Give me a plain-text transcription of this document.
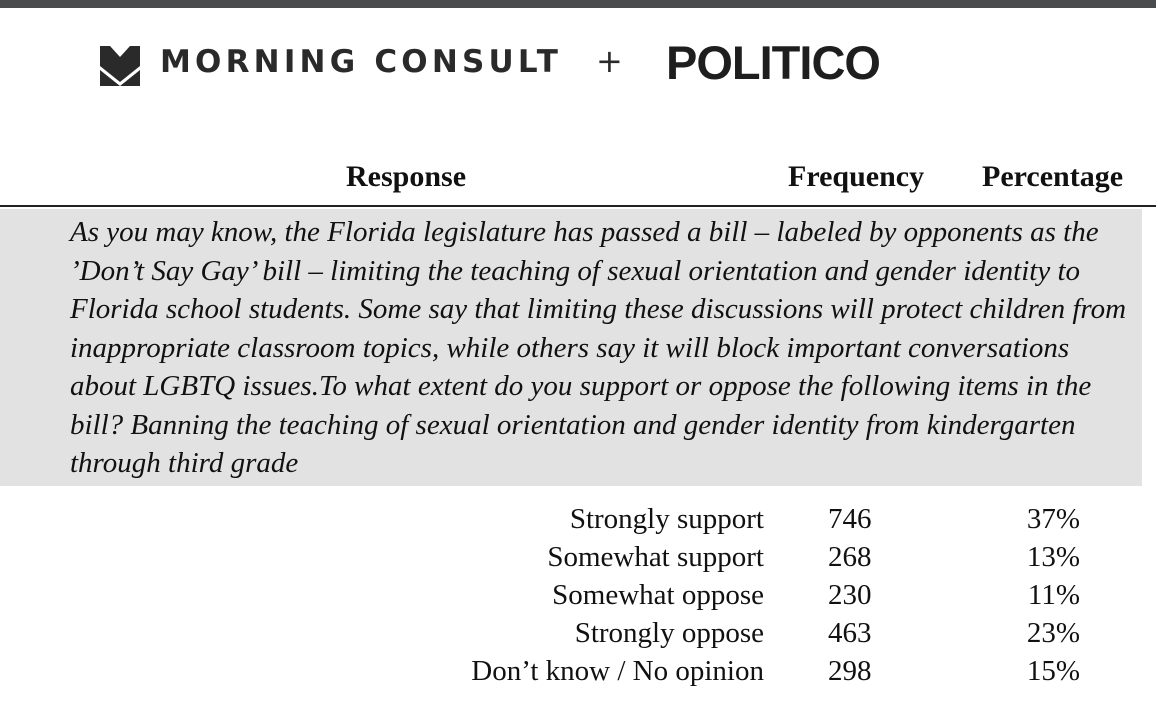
MORNING CONSULT + POLITICO
Response	Frequency Percentage

As you may know, the Florida legislature has passed a bill – labeled by opponents as the ’Don’t Say Gay’ bill – limiting the teaching of sexual orientation and gender identity to Florida school students. Some say that limiting these discussions will protect children from inappropriate classroom topics, while others say it will block important conversations about LGBTQ issues.To what extent do you support or oppose the following items in the bill? Banning the teaching of sexual orientation and gender identity from kindergarten through third grade

Strongly support 746	37%
Somewhat support 268	13%
Somewhat oppose 230	11%
Strongly oppose 463	23%
Don’t know / No opinion 298	15%
